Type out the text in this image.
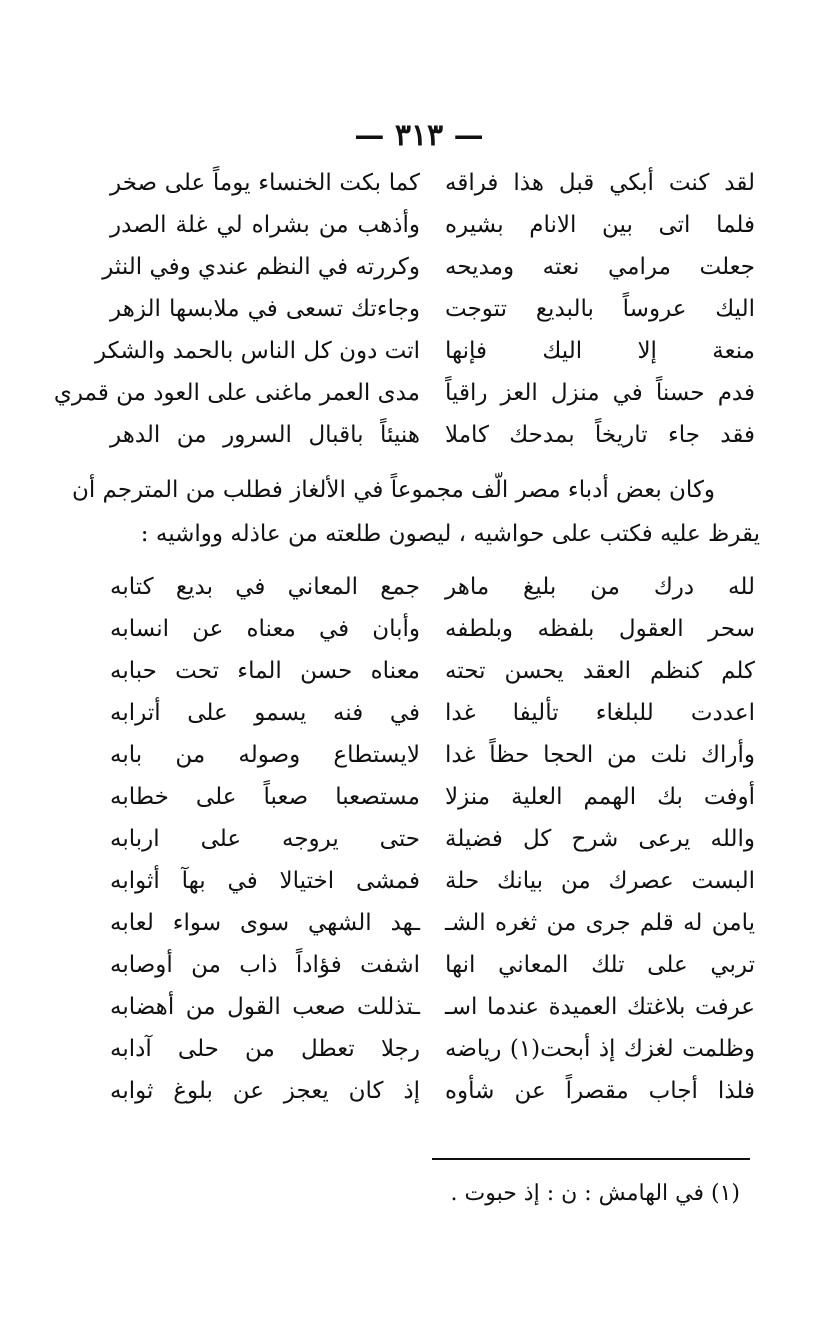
— ٣١٣ —
لقد كنت أبكي قبل هذا فراقه
كما بكت الخنساء يوماً على صخر
فلما اتى بين الانام بشيره
وأذهب من بشراه لي غلة الصدر
جعلت مرامي نعته ومديحه
وكررته في النظم عندي وفي النثر
اليك عروساً بالبديع تتوجت
وجاءتك تسعى في ملابسها الزهر
منعة إلا اليك فإنها
اتت دون كل الناس بالحمد والشكر
فدم حسناً في منزل العز راقياً
مدى العمر ماغنى على العود من قمري
فقد جاء تاريخاً بمدحك كاملا
هنيئاً باقبال السرور من الدهر
وكان بعض أدباء مصر الّف مجموعاً في الألغاز فطلب من المترجم أن
يقرظ عليه فكتب على حواشيه ، ليصون طلعته من عاذله وواشيه :
لله درك من بليغ ماهر
جمع المعاني في بديع كتابه
سحر العقول بلفظه وبلطفه
وأبان في معناه عن انسابه
كلم كنظم العقد يحسن تحته
معناه حسن الماء تحت حبابه
اعددت للبلغاء تأليفا غدا
في فنه يسمو على أترابه
وأراك نلت من الحجا حظاً غدا
لايستطاع وصوله من بابه
أوفت بك الهمم العلية منزلا
مستصعبا صعباً على خطابه
والله يرعى شرح كل فضيلة
حتى يروجه على اربابه
البست عصرك من بيانك حلة
فمشى اختيالا في بهآ أثوابه
يامن له قلم جرى من ثغره الشـ
ـهد الشهي سوى سواء لعابه
تربي على تلك المعاني انها
اشفت فؤاداً ذاب من أوصابه
عرفت بلاغتك العميدة عندما اسـ
ـتذللت صعب القول من أهضابه
وظلمت لغزك إذ أبحت(١) رياضه
رجلا تعطل من حلى آدابه
فلذا أجاب مقصراً عن شأوه
إذ كان يعجز عن بلوغ ثوابه
(١) في الهامش : ن : إذ حبوت .
